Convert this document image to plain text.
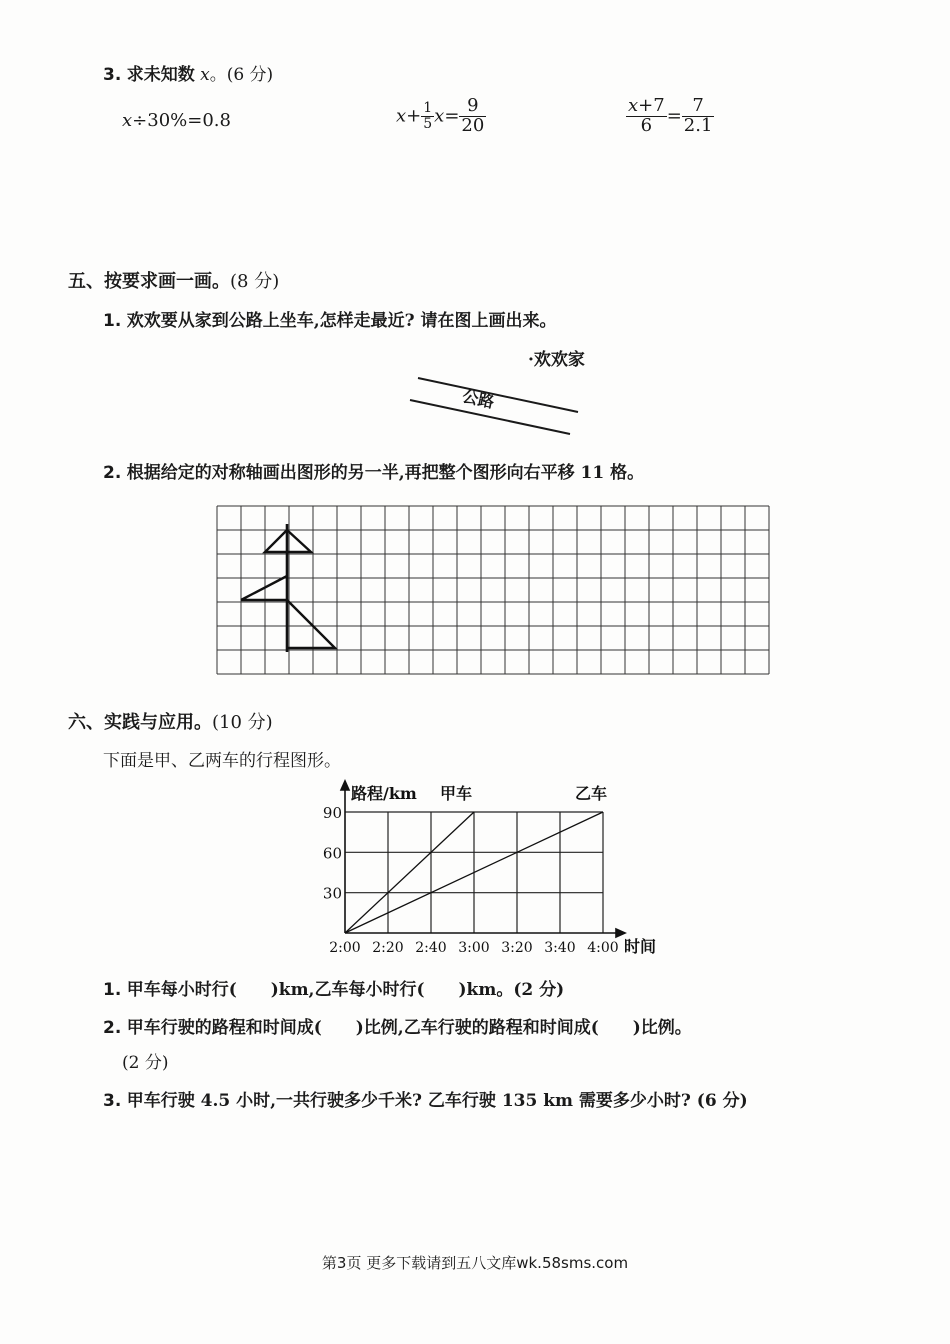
3. 求未知数 x。(6 分)
x÷30%=0.8	$x+ \frac{1}{5} x= \frac{9}{20}$	$\frac{x+7}{6} = \frac{7}{2.1}$
五、按要求画一画。(8 分)
1. 欢欢要从家到公路上坐车,怎样走最近? 请在图上画出来。
·欢欢家
公路
2. 根据给定的对称轴画出图形的另一半,再把整个图形向右平移 11 格。
六、实践与应用。(10 分)
下面是甲、乙两车的行程图形。
甲车	乙车
30
60
90
2:00 2:20 2:40 3:00 3:20 3:40 4:00
路程/km
时间
1. 甲车每小时行(　　)km,乙车每小时行(　　)km。(2 分)
2. 甲车行驶的路程和时间成(　　)比例,乙车行驶的路程和时间成(　　)比例。
(2 分)
3. 甲车行驶 4.5 小时,一共行驶多少千米? 乙车行驶 135 km 需要多少小时? (6 分)
第3页 更多下载请到五八文库wk.58sms.com
